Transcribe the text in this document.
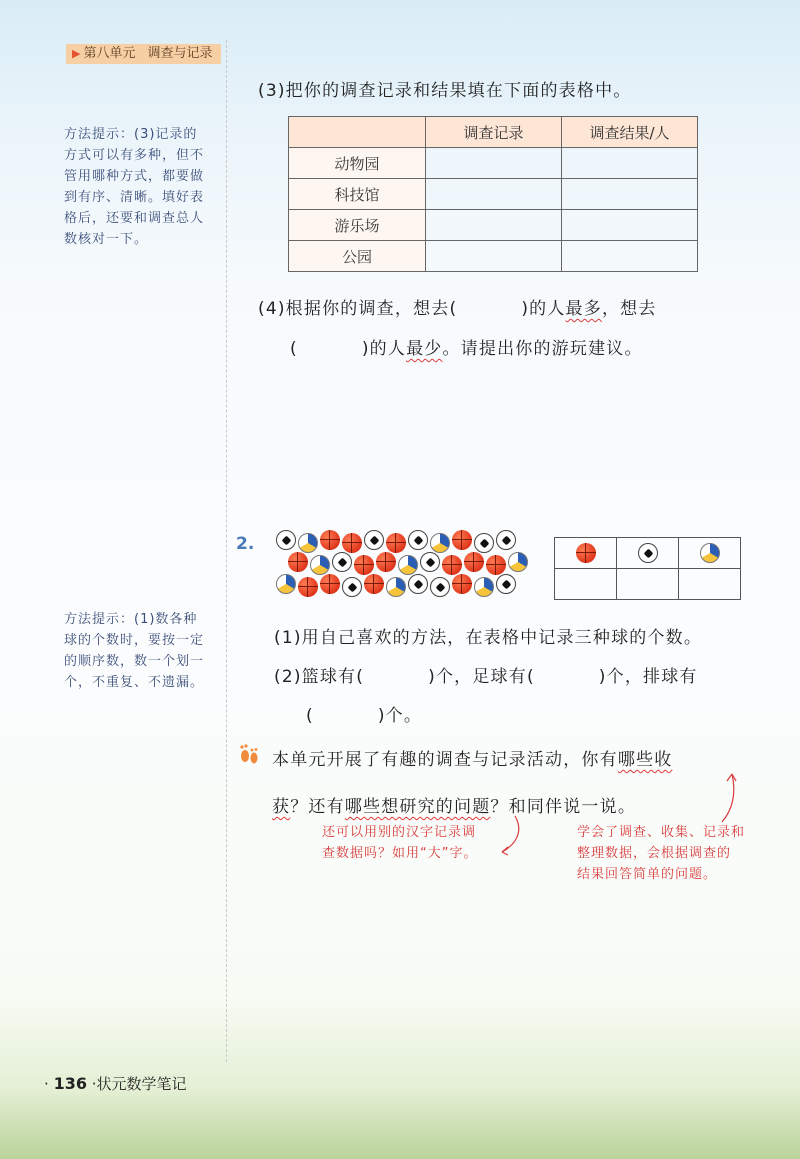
▶ 第八单元 调查与记录
方法提示：(3)记录的
方式可以有多种，但不
管用哪种方式，都要做
到有序、清晰。填好表
格后，还要和调查总人
数核对一下。
(3)把你的调查记录和结果填在下面的表格中。
	调查记录	调查结果/人
动物园		
科技馆		
游乐场		
公园		
(4)根据你的调查，想去(	)的人最多，想去
(	)的人最少。请提出你的游玩建议。
2.

(1)用自己喜欢的方法，在表格中记录三种球的个数。
(2)篮球有(	)个，足球有(	)个，排球有
(	)个。
方法提示：(1)数各种
球的个数时，要按一定
的顺序数，数一个划一
个，不重复、不遗漏。
本单元开展了有趣的调查与记录活动，你有哪些收
获？还有哪些想研究的问题？和同伴说一说。
还可以用别的汉字记录调
查数据吗？如用“大”字。
学会了调查、收集、记录和
整理数据，会根据调查的
结果回答简单的问题。
· 136 ·状元数学笔记
